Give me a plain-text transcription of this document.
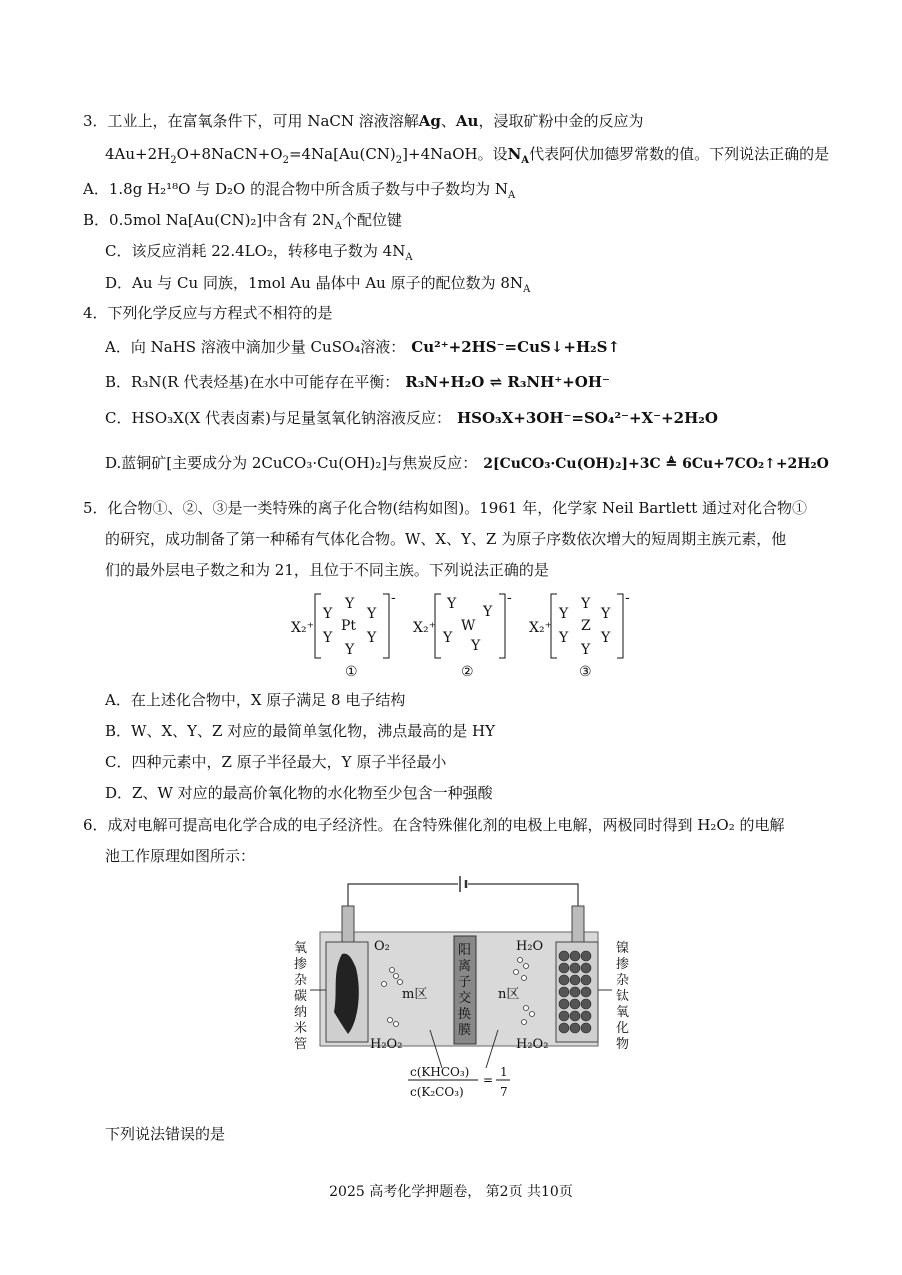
3．工业上，在富氧条件下，可用 NaCN 溶液溶解Ag、Au，浸取矿粉中金的反应为
$4Au+2H_2O+8NaCN+O_2=4Na[Au(CN)_2]+4NaOH$。设$N_A$代表阿伏加德罗常数的值。下列说法正确的是
A．1.8g H₂¹⁸O 与 D₂O 的混合物中所含质子数与中子数均为 $N_A$
B．0.5mol Na[Au(CN)₂]中含有 $2N_A$个配位键
C．该反应消耗 22.4LO₂，转移电子数为 $4N_A$
D．Au 与 Cu 同族，1mol Au 晶体中 Au 原子的配位数为 $8N_A$
4．下列化学反应与方程式不相符的是
A．向 NaHS 溶液中滴加少量 CuSO₄溶液： Cu²⁺+2HS⁻=CuS↓+H₂S↑
B．R₃N(R 代表烃基)在水中可能存在平衡： R₃N+H₂O ⇌ R₃NH⁺+OH⁻
C．HSO₃X(X 代表卤素)与足量氢氧化钠溶液反应： HSO₃X+3OH⁻=SO₄²⁻+X⁻+2H₂O
D.蓝铜矿[主要成分为 2CuCO₃·Cu(OH)₂]与焦炭反应： 2[CuCO₃·Cu(OH)₂]+3C ≜ 6Cu+7CO₂↑+2H₂O
5．化合物①、②、③是一类特殊的离子化合物(结构如图)。1961 年，化学家 Neil Bartlett 通过对化合物①
的研究，成功制备了第一种稀有气体化合物。W、X、Y、Z 为原子序数依次增大的短周期主族元素，他
们的最外层电子数之和为 21，且位于不同主族。下列说法正确的是
X₂⁺
-
Y
Y Y
Pt
Y Y
Y
①
X₂⁺
-
Y Y
W
Y Y
②
X₂⁺
-
Y
Y Y
Z
Y Y
Y
③
A．在上述化合物中，X 原子满足 8 电子结构
B．W、X、Y、Z 对应的最简单氢化物，沸点最高的是 HY
C．四种元素中，Z 原子半径最大，Y 原子半径最小
D．Z、W 对应的最高价氧化物的水化物至少包含一种强酸
6．成对电解可提高电化学合成的电子经济性。在含特殊催化剂的电极上电解，两极同时得到 H₂O₂ 的电解
池工作原理如图所示：
阳
离
子
交
换
膜
O₂	H₂O
m区	n区
H₂O₂	H₂O₂
氧
掺
杂
碳
纳
米
管
镍
掺
杂
钛
氧
化
物
c(KHCO₃)
c(K₂CO₃)
=
1
7
下列说法错误的是
2025 高考化学押题卷， 第2页 共10页
